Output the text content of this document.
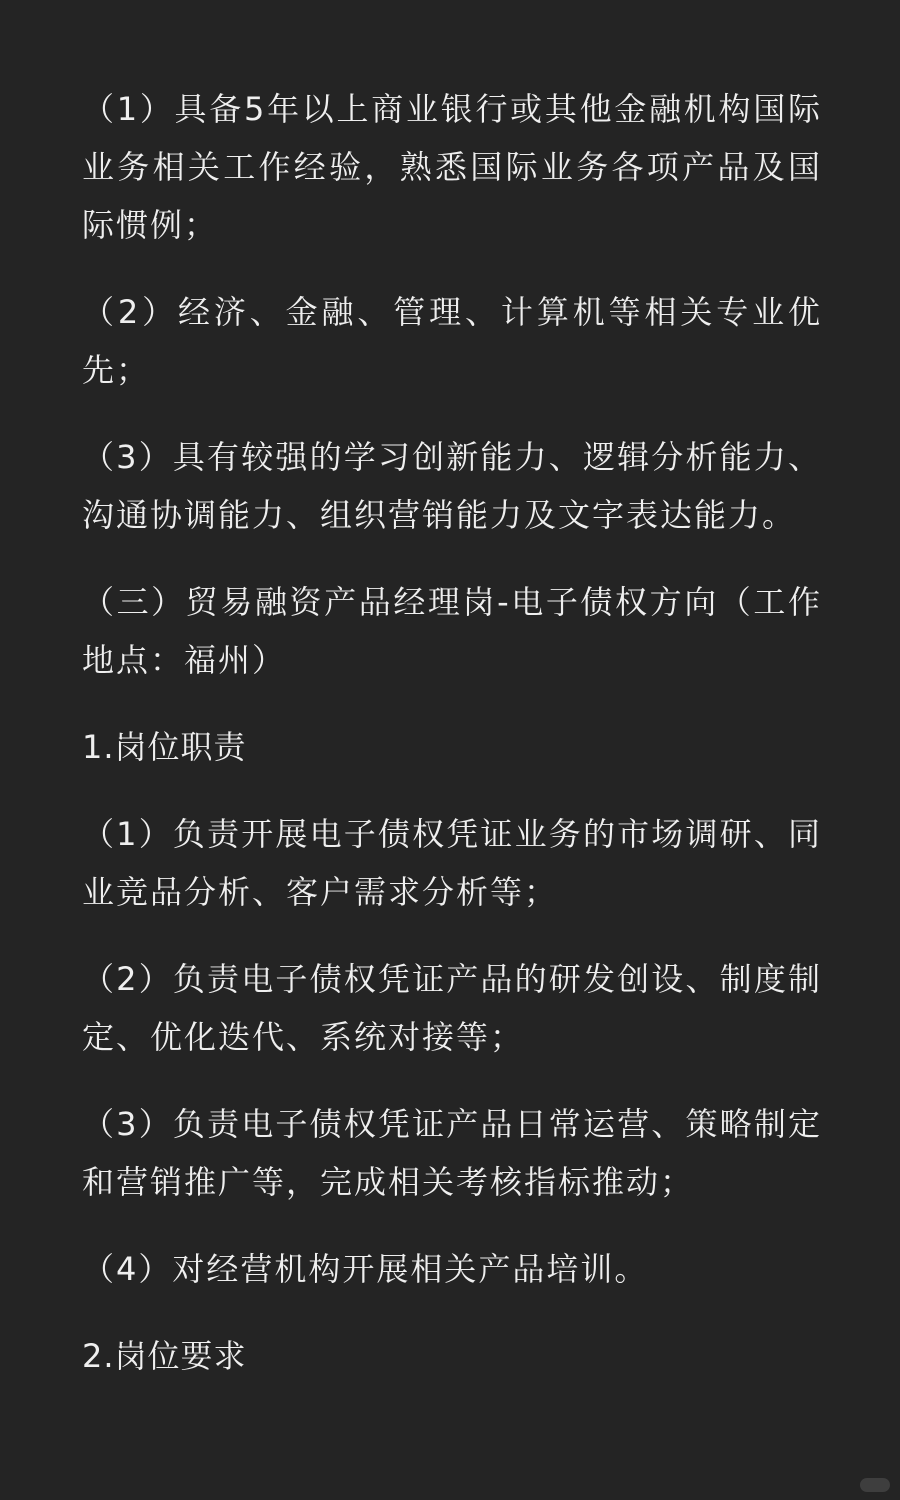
（1）具备5年以上商业银行或其他金融机构国际业务相关工作经验，熟悉国际业务各项产品及国际惯例；

（2）经济、金融、管理、计算机等相关专业优先；

（3）具有较强的学习创新能力、逻辑分析能力、沟通协调能力、组织营销能力及文字表达能力。

（三）贸易融资产品经理岗-电子债权方向（工作地点：福州）

1.岗位职责

（1）负责开展电子债权凭证业务的市场调研、同业竞品分析、客户需求分析等；

（2）负责电子债权凭证产品的研发创设、制度制定、优化迭代、系统对接等；

（3）负责电子债权凭证产品日常运营、策略制定和营销推广等，完成相关考核指标推动；

（4）对经营机构开展相关产品培训。

2.岗位要求
